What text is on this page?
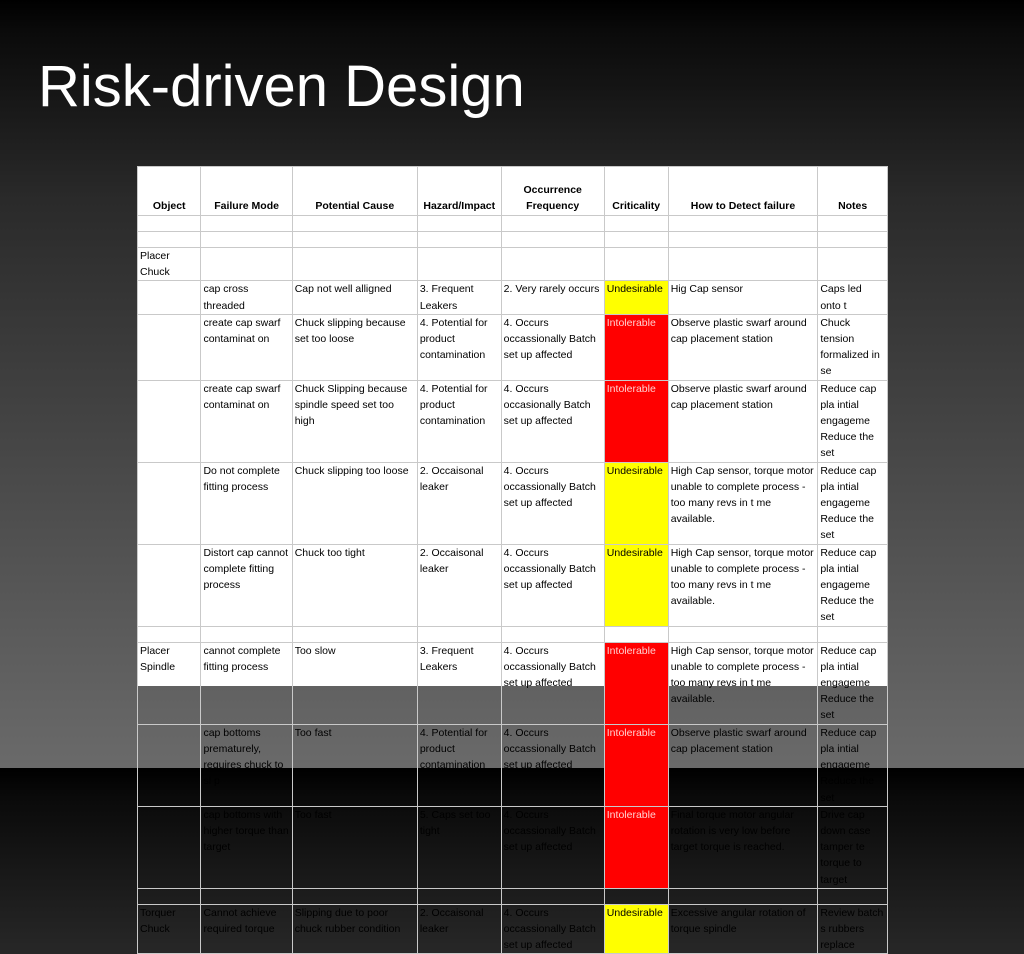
Risk-driven Design
Object	Failure Mode	Potential Cause	Hazard/Impact	Occurrence Frequency	Criticality	How to Detect failure	Notes

Placer Chuck							
	cap cross threaded	Cap not well alligned	3. Frequent Leakers	2. Very rarely occurs	Undesirable	Hig Cap sensor	Caps led onto t
	create cap swarf contaminat on	Chuck slipping because set too loose	4. Potential for product contamination	4. Occurs occassionally Batch set up affected	Intolerable	Observe plastic swarf around cap placement station	Chuck tension formalized in se
	create cap swarf contaminat on	Chuck Slipping because spindle speed set too high	4. Potential for product contamination	4. Occurs occasionally Batch set up affected	Intolerable	Observe plastic swarf around cap placement station	Reduce cap pla intial engageme Reduce the set
	Do not complete fitting process	Chuck slipping too loose	2. Occaisonal leaker	4. Occurs occassionally Batch set up affected	Undesirable	High Cap sensor, torque motor unable to complete process - too many revs in t me available.	Reduce cap pla intial engageme Reduce the set
	Distort cap cannot complete fitting process	Chuck too tight	2. Occaisonal leaker	4. Occurs occassionally Batch set up affected	Undesirable	High Cap sensor, torque motor unable to complete process - too many revs in t me available.	Reduce cap pla intial engageme Reduce the set

Placer Spindle	cannot complete fitting process	Too slow	3. Frequent Leakers	4. Occurs occassionally Batch set up affected	Intolerable	High Cap sensor, torque motor unable to complete process - too many revs in t me available.	Reduce cap pla intial engageme Reduce the set
	cap bottoms prematurely, requires chuck to sl p	Too fast	4. Potential for product contamination	4. Occurs occassionally Batch set up affected	Intolerable	Observe plastic swarf around cap placement station	Reduce cap pla intial engageme Reduce the set
	cap bottoms with higher torque than target	Too fast	5. Caps set too tight	4. Occurs occassionally Batch set up affected	Intolerable	Final torque motor angular rotation is very low before target torque is reached.	Drive cap down case tamper te torque to target

Torquer Chuck	Cannot achieve required torque	Slipping due to poor chuck rubber condition	2. Occaisonal leaker	4. Occurs occassionally Batch set up affected	Undesirable	Excessive angular rotation of torque spindle	Review batch s rubbers replace
